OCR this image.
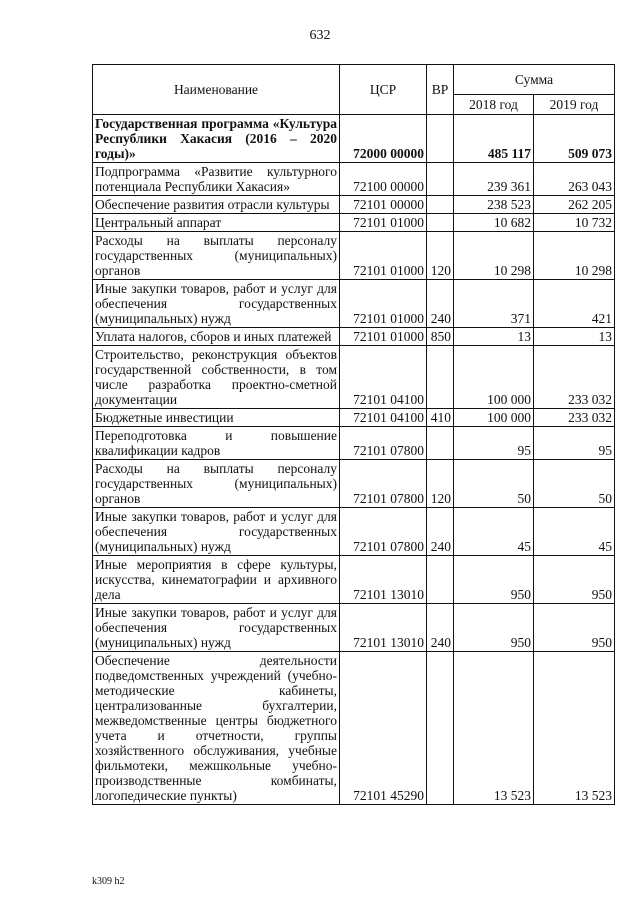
632
Наименование	ЦСР	ВР	Сумма	
			2018 год	2019 год
Государственная программа «Культура Республики Хакасия (2016 – 2020 годы)»	72000 00000		485 117	509 073
Подпрограмма «Развитие культурного потенциала Республики Хакасия»	72100 00000		239 361	263 043
Обеспечение развития отрасли культуры	72101 00000		238 523	262 205
Центральный аппарат	72101 01000		10 682	10 732
Расходы на выплаты персоналу государственных (муниципальных) органов	72101 01000	120	10 298	10 298
Иные закупки товаров, работ и услуг для обеспечения государственных (муниципальных) нужд	72101 01000	240	371	421
Уплата налогов, сборов и иных платежей	72101 01000	850	13	13
Строительство, реконструкция объектов государственной собственности, в том числе разработка проектно-сметной документации	72101 04100		100 000	233 032
Бюджетные инвестиции	72101 04100	410	100 000	233 032
Переподготовка и повышение квалификации кадров	72101 07800		95	95
Расходы на выплаты персоналу государственных (муниципальных) органов	72101 07800	120	50	50
Иные закупки товаров, работ и услуг для обеспечения государственных (муниципальных) нужд	72101 07800	240	45	45
Иные мероприятия в сфере культуры, искусства, кинематографии и архивного дела	72101 13010		950	950
Иные закупки товаров, работ и услуг для обеспечения государственных (муниципальных) нужд	72101 13010	240	950	950
Обеспечение деятельности подведомственных учреждений (учебно-методические кабинеты, централизованные бухгалтерии, межведомственные центры бюджетного учета и отчетности, группы хозяйственного обслуживания, учебные фильмотеки, межшкольные учебно-производственные комбинаты, логопедические пункты)	72101 45290		13 523	13 523
k309 h2
